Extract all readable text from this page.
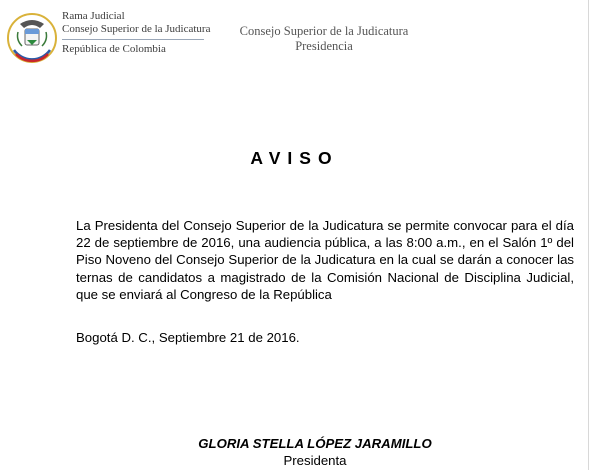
Rama Judicial
Consejo Superior de la Judicatura
República de Colombia
Consejo Superior de la Judicatura
Presidencia
AVISO
La Presidenta del Consejo Superior de la Judicatura se permite convocar para el día 22 de septiembre de 2016, una audiencia pública, a las 8:00 a.m., en el Salón 1º del Piso Noveno del Consejo Superior de la Judicatura en la cual se darán a conocer las ternas de candidatos a magistrado de la Comisión Nacional de Disciplina Judicial, que se enviará al Congreso de la República
Bogotá D. C., Septiembre 21 de 2016.
GLORIA STELLA LÓPEZ JARAMILLO
Presidenta
